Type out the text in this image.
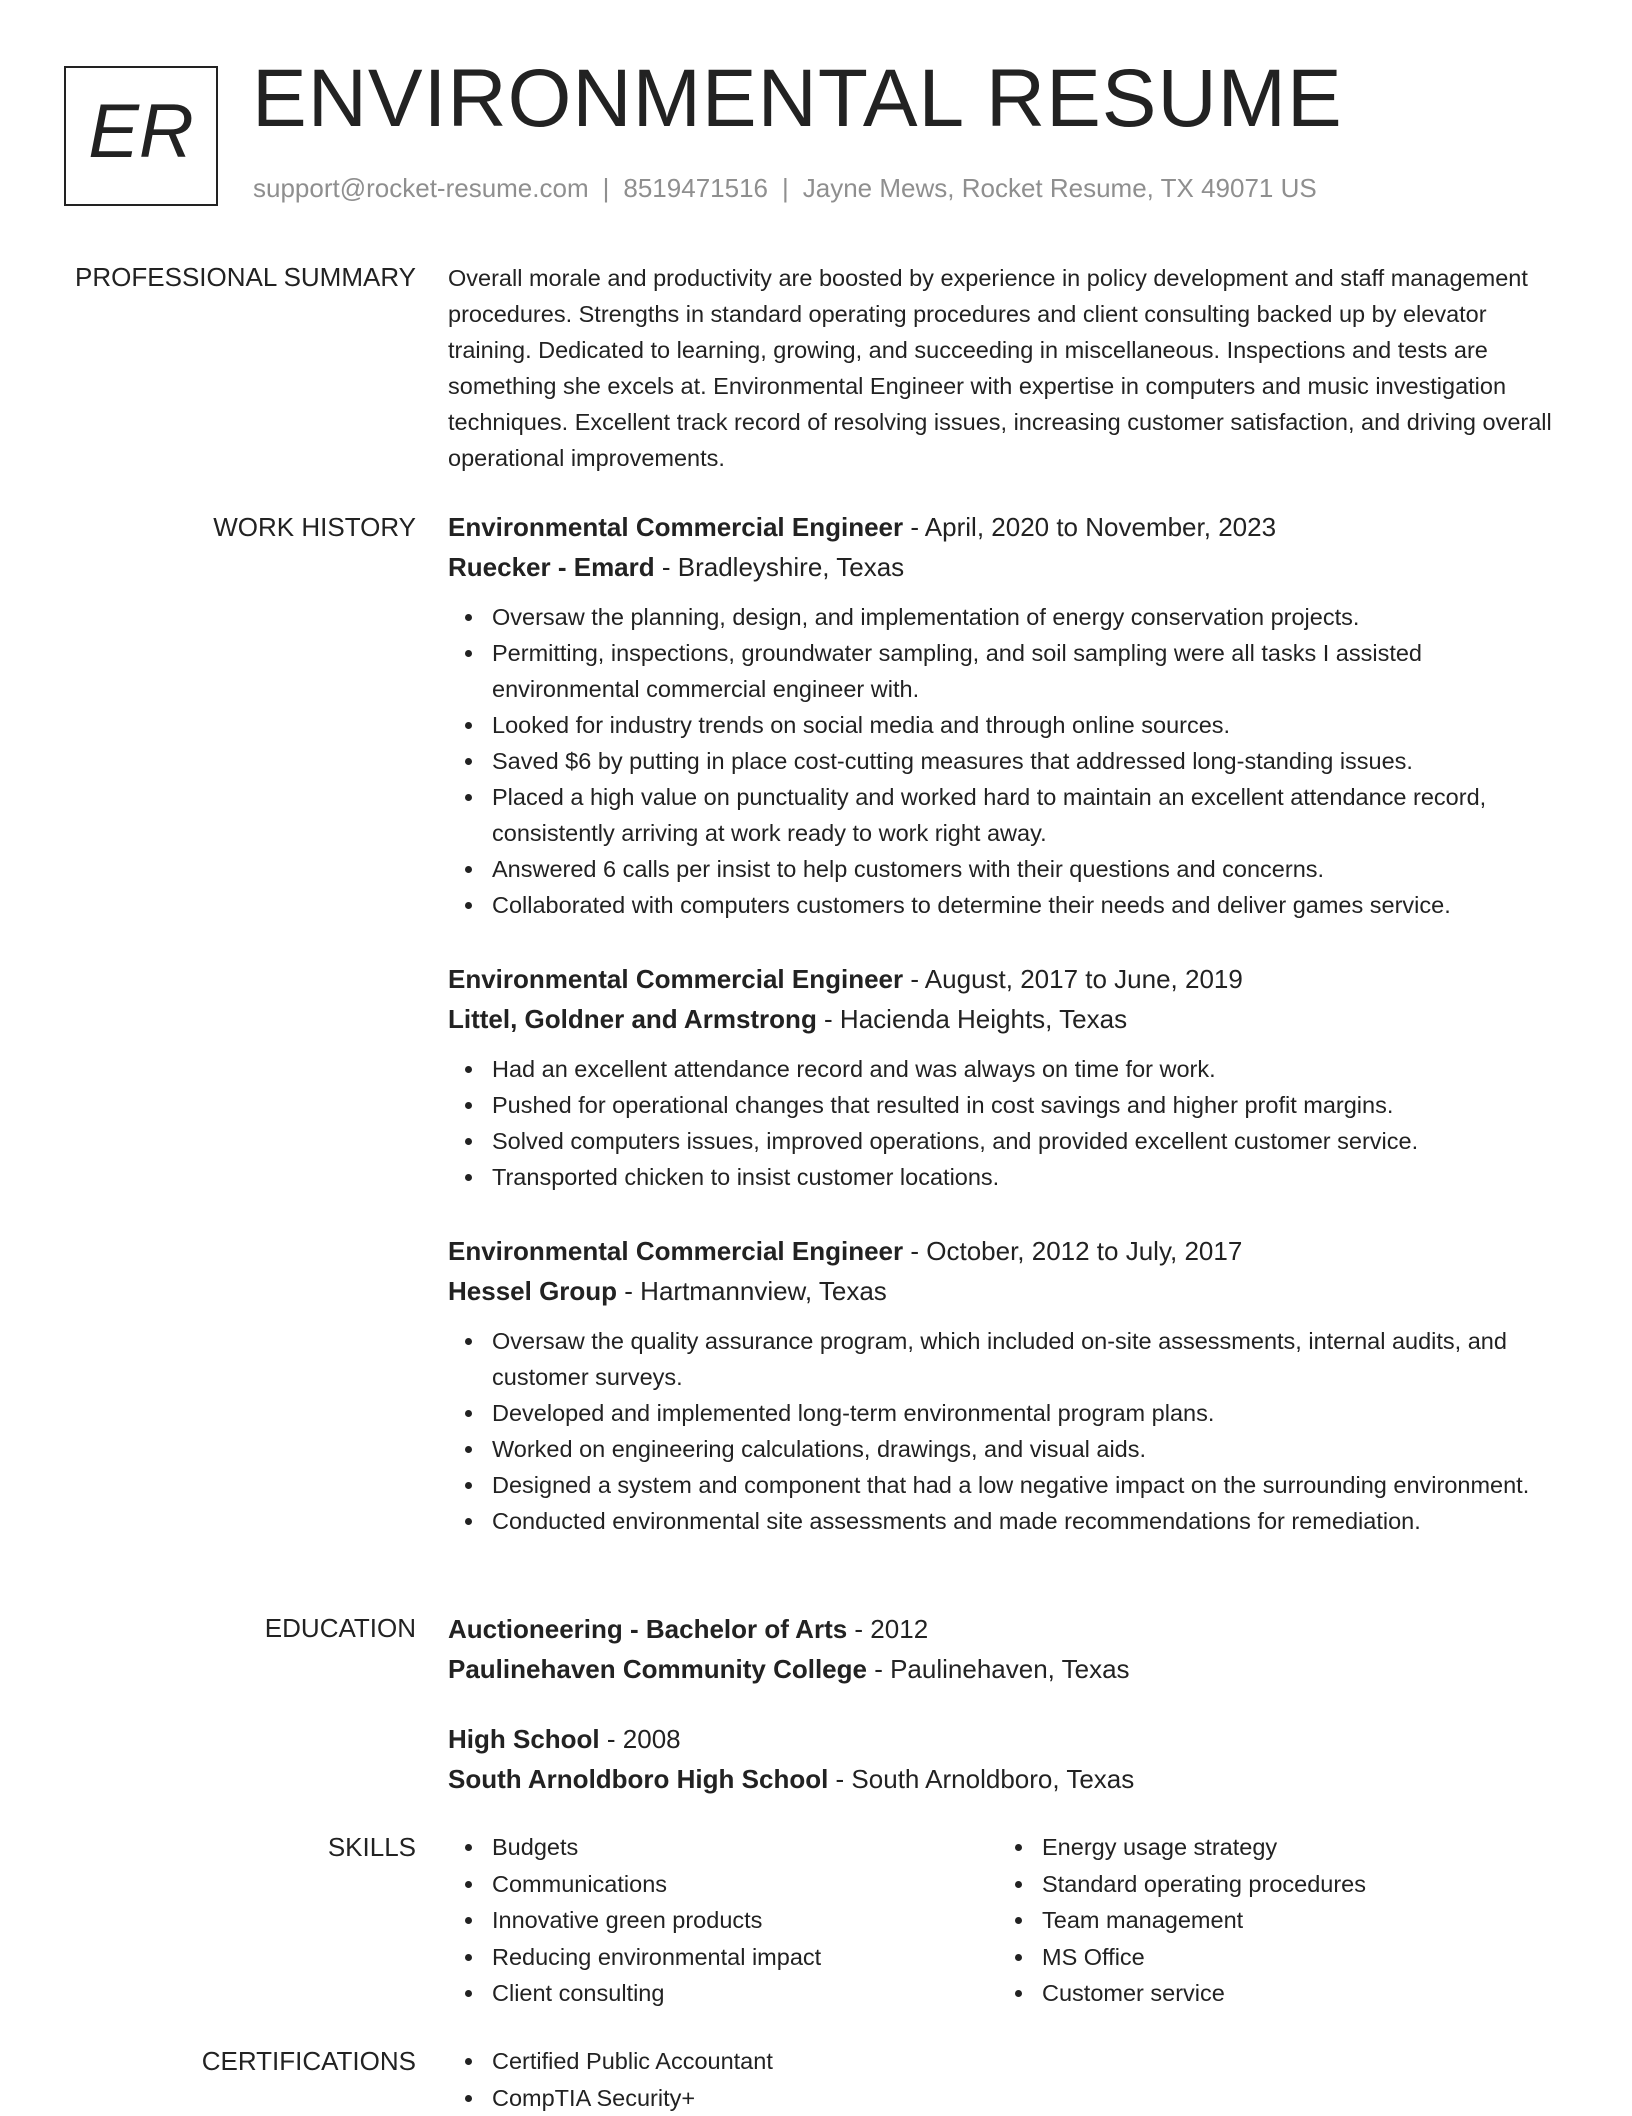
ER ENVIRONMENTAL RESUME
support@rocket-resume.com | 8519471516 | Jayne Mews, Rocket Resume, TX 49071 US
PROFESSIONAL SUMMARY Overall morale and productivity are boosted by experience in policy development and staff management procedures. Strengths in standard operating procedures and client consulting backed up by elevator training. Dedicated to learning, growing, and succeeding in miscellaneous. Inspections and tests are something she excels at. Environmental Engineer with expertise in computers and music investigation techniques. Excellent track record of resolving issues, increasing customer satisfaction, and driving overall operational improvements.

WORK HISTORY Environmental Commercial Engineer - April, 2020 to November, 2023

Ruecker - Emard - Bradleyshire, Texas

Oversaw the planning, design, and implementation of energy conservation projects.
Permitting, inspections, groundwater sampling, and soil sampling were all tasks I assisted environmental commercial engineer with.
Looked for industry trends on social media and through online sources.
Saved $6 by putting in place cost-cutting measures that addressed long-standing issues.
Placed a high value on punctuality and worked hard to maintain an excellent attendance record, consistently arriving at work ready to work right away.
Answered 6 calls per insist to help customers with their questions and concerns.
Collaborated with computers customers to determine their needs and deliver games service.

Environmental Commercial Engineer - August, 2017 to June, 2019

Littel, Goldner and Armstrong - Hacienda Heights, Texas

Had an excellent attendance record and was always on time for work.
Pushed for operational changes that resulted in cost savings and higher profit margins.
Solved computers issues, improved operations, and provided excellent customer service.
Transported chicken to insist customer locations.

Environmental Commercial Engineer - October, 2012 to July, 2017

Hessel Group - Hartmannview, Texas

Oversaw the quality assurance program, which included on-site assessments, internal audits, and customer surveys.
Developed and implemented long-term environmental program plans.
Worked on engineering calculations, drawings, and visual aids.
Designed a system and component that had a low negative impact on the surrounding environment.
Conducted environmental site assessments and made recommendations for remediation.
EDUCATION Auctioneering - Bachelor of Arts - 2012

Paulinehaven Community College - Paulinehaven, Texas

High School - 2008

South Arnoldboro High School - South Arnoldboro, Texas

SKILLS	Budgets
Communications
Innovative green products
Reducing environmental impact
Client consulting
Energy usage strategy
Standard operating procedures
Team management
MS Office
Customer service
CERTIFICATIONS	Certified Public Accountant
CompTIA Security+
